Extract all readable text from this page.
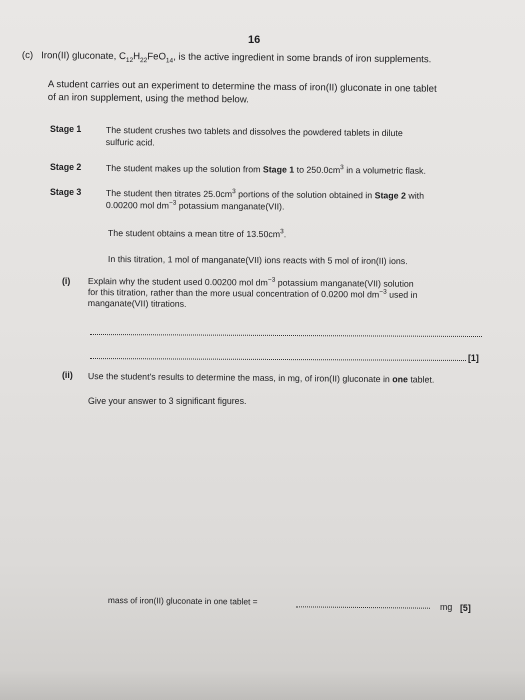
16
(c) Iron(II) gluconate, $C_{12}H_{22}FeO_{14}$, is the active ingredient in some brands of iron supplements.
A student carries out an experiment to determine the mass of iron(II) gluconate in one tablet
of an iron supplement, using the method below.
Stage 1	The student crushes two tablets and dissolves the powdered tablets in dilute
sulfuric acid.
Stage 2	The student makes up the solution from Stage 1 to $250.0cm^3$ in a volumetric flask.
Stage 3	The student then titrates $25.0cm^3$ portions of the solution obtained in Stage 2 with
0.00200 mol $dm^{-3}$ potassium manganate(VII).
The student obtains a mean titre of $13.50cm^3$.
In this titration, 1 mol of manganate(VII) ions reacts with 5 mol of iron(II) ions.
(i) Explain why the student used 0.00200 mol $dm^{-3}$ potassium manganate(VII) solution
for this titration, rather than the more usual concentration of 0.0200 mol $dm^{-3}$ used in
manganate(VII) titrations.
[1]
(ii) Use the student's results to determine the mass, in mg, of iron(II) gluconate in one tablet.
Give your answer to 3 significant figures.
mass of iron(II) gluconate in one tablet =
mg [5]
